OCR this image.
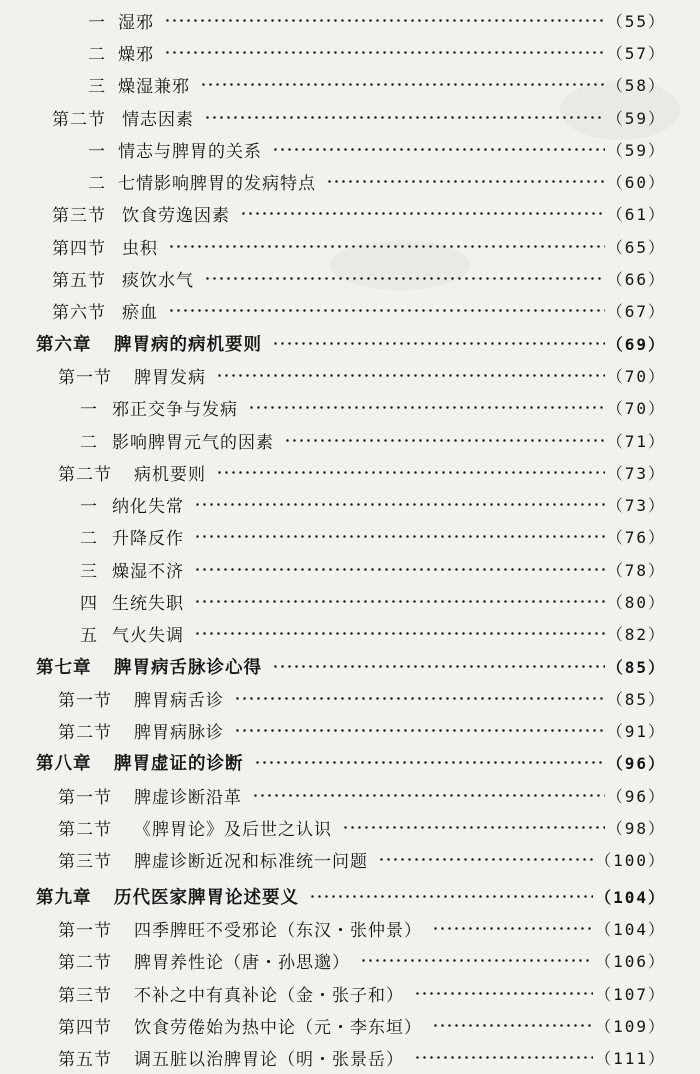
一 湿邪	（55）
二 燥邪	（57）
三 燥湿兼邪	（58）
第二节 情志因素	（59）
一 情志与脾胃的关系	（59）
二 七情影响脾胃的发病特点	（60）
第三节 饮食劳逸因素	（61）
第四节 虫积	（65）
第五节 痰饮水气	（66）
第六节 瘀血	（67）
第六章	脾胃病的病机要则	（69）
第一节	脾胃发病	（70）
一 邪正交争与发病	（70）
二 影响脾胃元气的因素	（71）
第二节	病机要则	（73）
一 纳化失常	（73）
二 升降反作	（76）
三 燥湿不济	（78）
四 生统失职	（80）
五 气火失调	（82）
第七章	脾胃病舌脉诊心得	（85）
第一节	脾胃病舌诊	（85）
第二节	脾胃病脉诊	（91）
第八章	脾胃虚证的诊断	（96）
第一节	脾虚诊断沿革	（96）
第二节	《脾胃论》及后世之认识	（98）
第三节	脾虚诊断近况和标准统一问题	（100）
第九章	历代医家脾胃论述要义	（104）
第一节	四季脾旺不受邪论（东汉・张仲景）	（104）
第二节	脾胃养性论（唐・孙思邈）	（106）
第三节	不补之中有真补论（金・张子和）	（107）
第四节	饮食劳倦始为热中论（元・李东垣）	（109）
第五节	调五脏以治脾胃论（明・张景岳）	（111）
